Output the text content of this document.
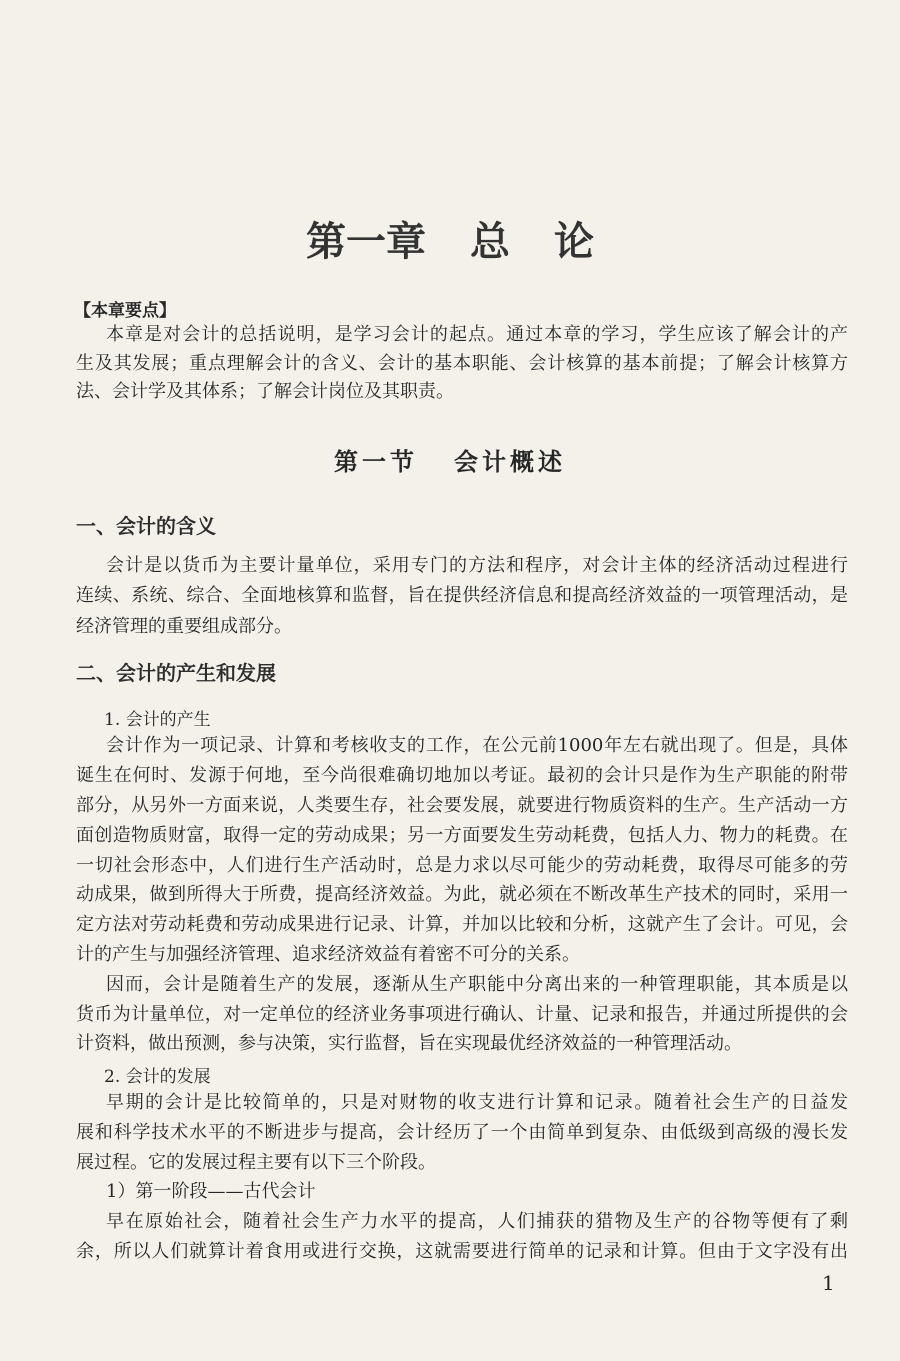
第一章 总 论
【本章要点】
本章是对会计的总括说明，是学习会计的起点。通过本章的学习，学生应该了解会计的产
生及其发展；重点理解会计的含义、会计的基本职能、会计核算的基本前提；了解会计核算方
法、会计学及其体系；了解会计岗位及其职责。
第一节 会计概述
一、会计的含义
会计是以货币为主要计量单位，采用专门的方法和程序，对会计主体的经济活动过程进行
连续、系统、综合、全面地核算和监督，旨在提供经济信息和提高经济效益的一项管理活动，是
经济管理的重要组成部分。
二、会计的产生和发展
1. 会计的产生
会计作为一项记录、计算和考核收支的工作，在公元前1000年左右就出现了。但是，具体
诞生在何时、发源于何地，至今尚很难确切地加以考证。最初的会计只是作为生产职能的附带
部分，从另外一方面来说，人类要生存，社会要发展，就要进行物质资料的生产。生产活动一方
面创造物质财富，取得一定的劳动成果；另一方面要发生劳动耗费，包括人力、物力的耗费。在
一切社会形态中，人们进行生产活动时，总是力求以尽可能少的劳动耗费，取得尽可能多的劳
动成果，做到所得大于所费，提高经济效益。为此，就必须在不断改革生产技术的同时，采用一
定方法对劳动耗费和劳动成果进行记录、计算，并加以比较和分析，这就产生了会计。可见，会
计的产生与加强经济管理、追求经济效益有着密不可分的关系。
因而，会计是随着生产的发展，逐渐从生产职能中分离出来的一种管理职能，其本质是以
货币为计量单位，对一定单位的经济业务事项进行确认、计量、记录和报告，并通过所提供的会
计资料，做出预测，参与决策，实行监督，旨在实现最优经济效益的一种管理活动。
2. 会计的发展
早期的会计是比较简单的，只是对财物的收支进行计算和记录。随着社会生产的日益发
展和科学技术水平的不断进步与提高，会计经历了一个由简单到复杂、由低级到高级的漫长发
展过程。它的发展过程主要有以下三个阶段。
1）第一阶段——古代会计
早在原始社会，随着社会生产力水平的提高，人们捕获的猎物及生产的谷物等便有了剩
余，所以人们就算计着食用或进行交换，这就需要进行简单的记录和计算。但由于文字没有出
1
